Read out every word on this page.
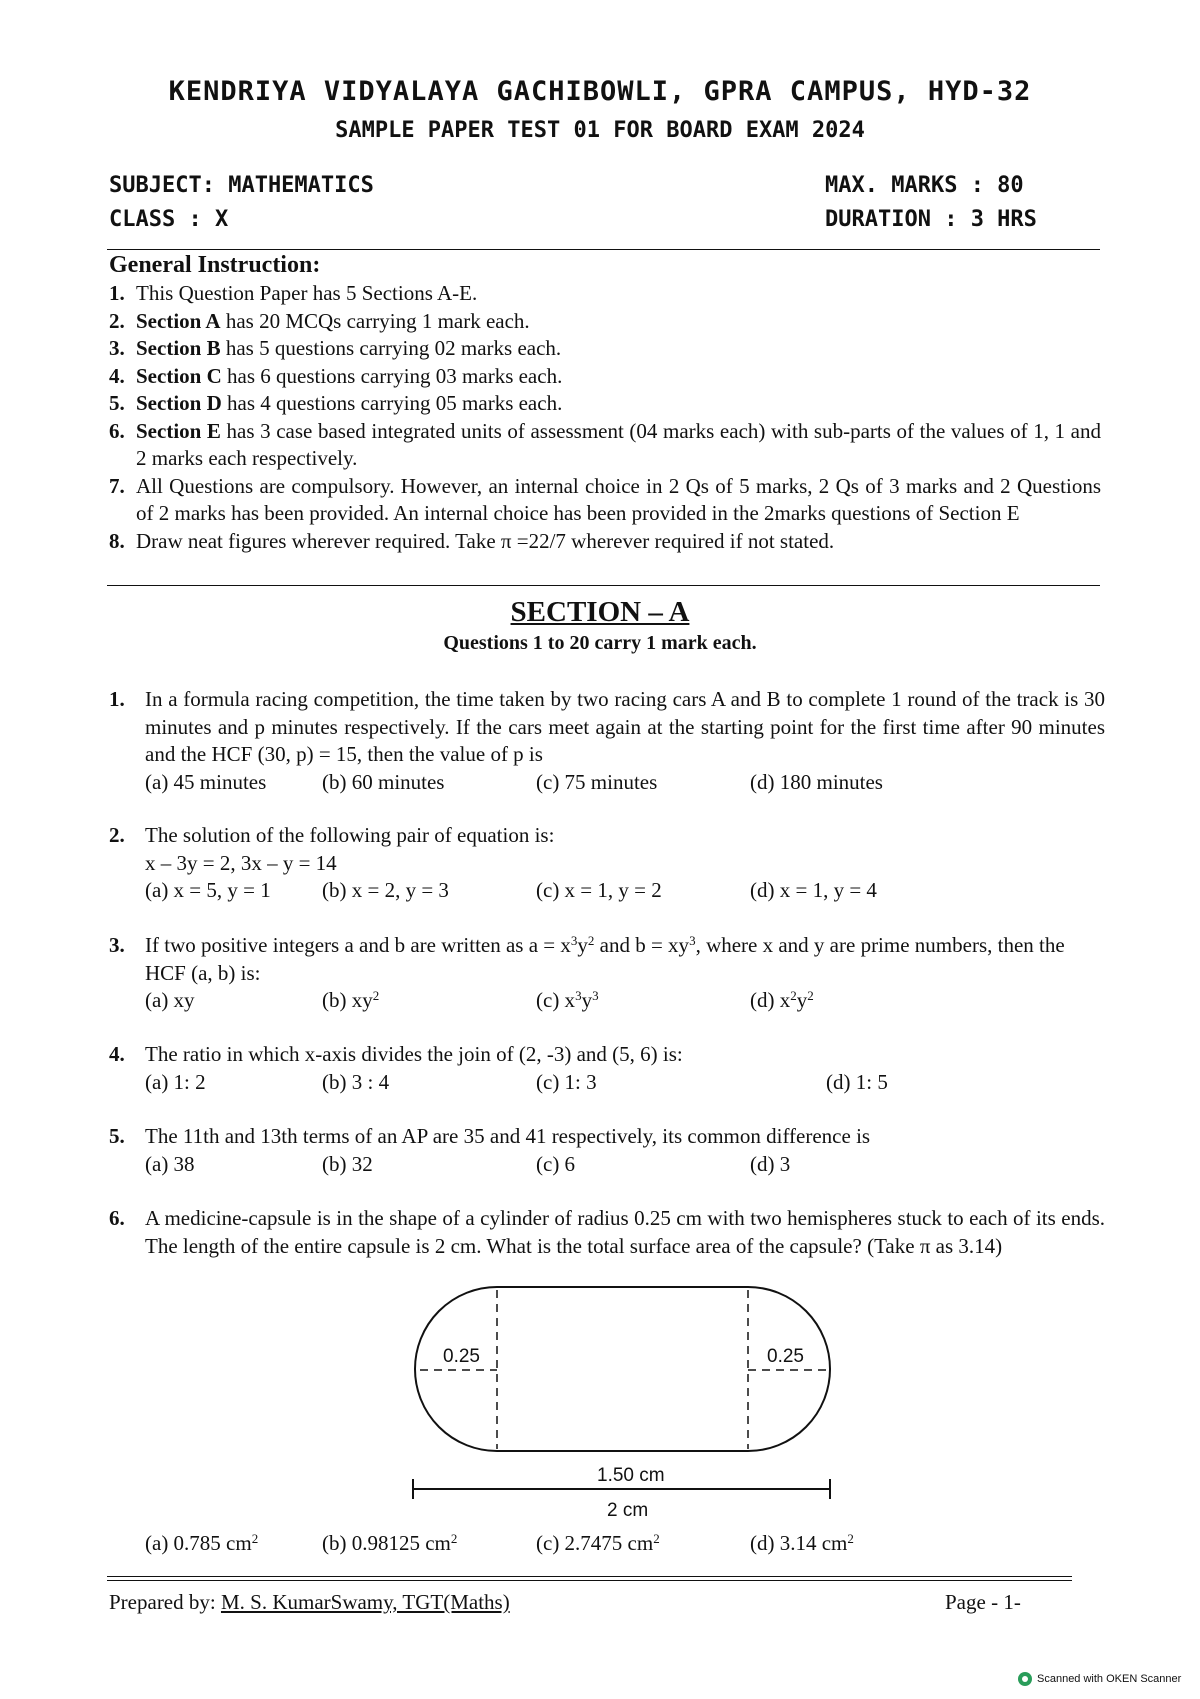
KENDRIYA VIDYALAYA GACHIBOWLI, GPRA CAMPUS, HYD-32
SAMPLE PAPER TEST 01 FOR BOARD EXAM 2024
SUBJECT: MATHEMATICS
CLASS : X
MAX. MARKS : 80
DURATION : 3 HRS
General Instruction:
1. This Question Paper has 5 Sections A-E.
2. Section A has 20 MCQs carrying 1 mark each.
3. Section B has 5 questions carrying 02 marks each.
4. Section C has 6 questions carrying 03 marks each.
5. Section D has 4 questions carrying 05 marks each.
6. Section E has 3 case based integrated units of assessment (04 marks each) with sub-parts of the values of 1, 1 and 2 marks each respectively.
7. All Questions are compulsory. However, an internal choice in 2 Qs of 5 marks, 2 Qs of 3 marks and 2 Questions of 2 marks has been provided. An internal choice has been provided in the 2marks questions of Section E
8. Draw neat figures wherever required. Take π =22/7 wherever required if not stated.
SECTION – A
Questions 1 to 20 carry 1 mark each.
1. In a formula racing competition, the time taken by two racing cars A and B to complete 1 round of the track is 30 minutes and p minutes respectively. If the cars meet again at the starting point for the first time after 90 minutes and the HCF (30, p) = 15, then the value of p is
(a) 45 minutes	(b) 60 minutes	(c) 75 minutes	(d) 180 minutes
2. The solution of the following pair of equation is:
x – 3y = 2, 3x – y = 14
(a) x = 5, y = 1 (b) x = 2, y = 3	(c) x = 1, y = 2	(d) x = 1, y = 4
3. If two positive integers a and b are written as $a = x^3y^2$ and $b = xy^3$, where x and y are prime numbers, then the HCF (a, b) is:
(a) xy	(b) $xy^2$	(c) $x^3y^3$	(d) $x^2y^2$
4. The ratio in which x-axis divides the join of (2, -3) and (5, 6) is:
(a) 1: 2	(b) 3 : 4	(c) 1: 3	(d) 1: 5
5. The 11th and 13th terms of an AP are 35 and 41 respectively, its common difference is
(a) 38	(b) 32	(c) 6	(d) 3
6. A medicine-capsule is in the shape of a cylinder of radius 0.25 cm with two hemispheres stuck to each of its ends. The length of the entire capsule is 2 cm. What is the total surface area of the capsule? (Take π as 3.14)
0.25	0.25
1.50 cm
2 cm
(a) 0.785 $cm^2$	(b) 0.98125 $cm^2$	(c) 2.7475 $cm^2$	(d) 3.14 $cm^2$
Prepared by: M. S. KumarSwamy, TGT(Maths)	Page - 1-
Scanned with OKEN Scanner
